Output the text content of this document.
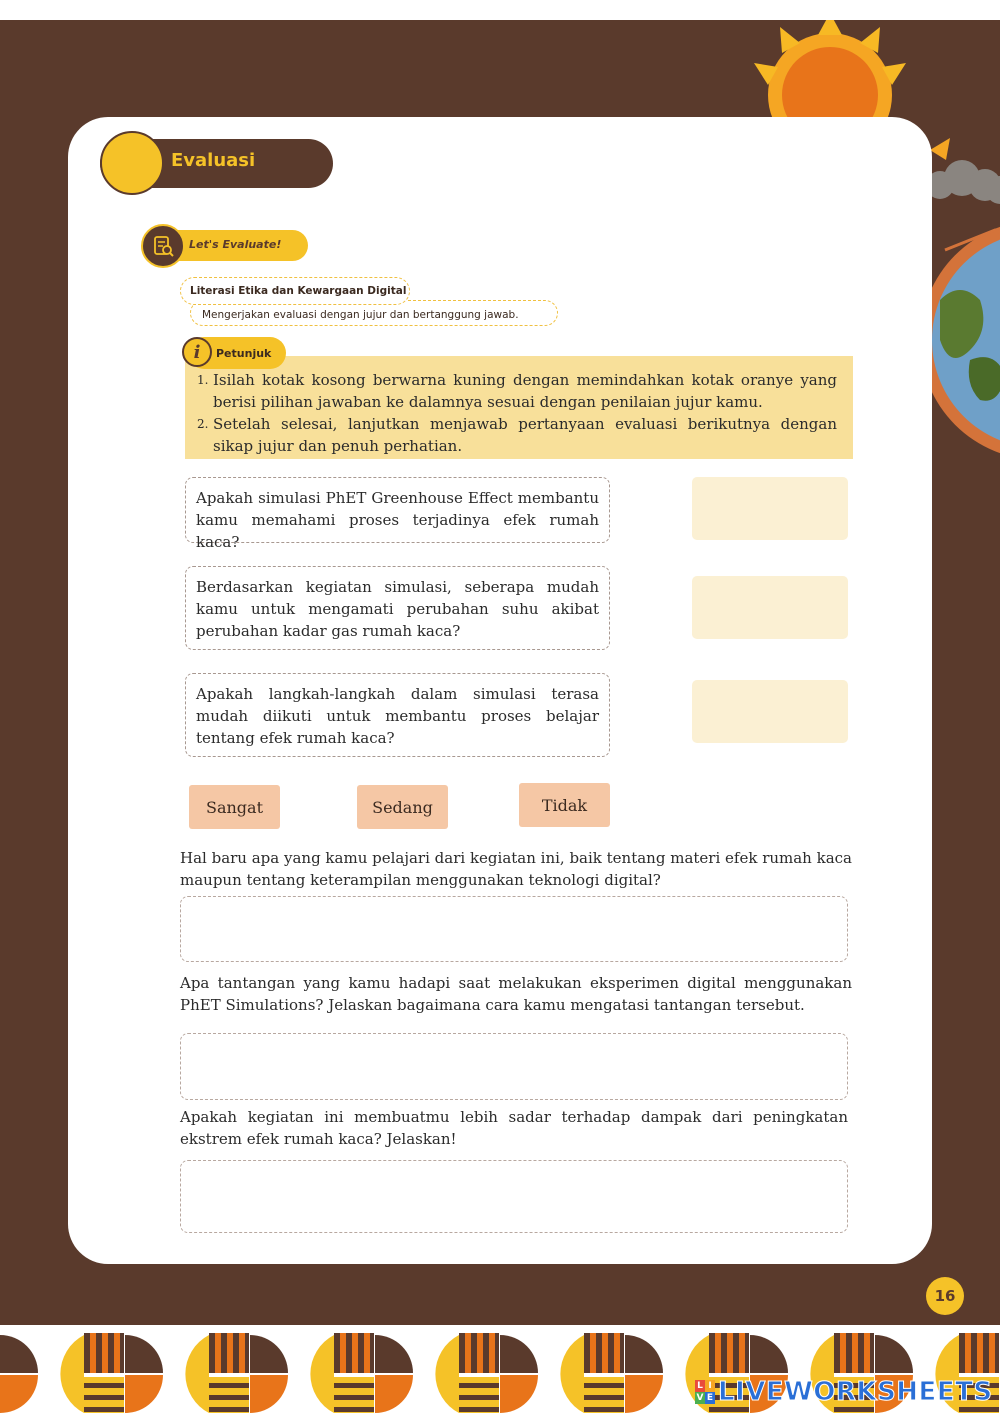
Evaluasi
Let's Evaluate!
Literasi Etika dan Kewargaan Digital
Mengerjakan evaluasi dengan jujur dan bertanggung jawab.
i	Petunjuk
1. Isilah kotak kosong berwarna kuning dengan memindahkan kotak oranye yang berisi pilihan jawaban ke dalamnya sesuai dengan penilaian jujur kamu.
2. Setelah selesai, lanjutkan menjawab pertanyaan evaluasi berikutnya dengan sikap jujur dan penuh perhatian.
Apakah simulasi PhET Greenhouse Effect membantu kamu memahami proses terjadinya efek rumah kaca?
Berdasarkan kegiatan simulasi, seberapa mudah kamu untuk mengamati perubahan suhu akibat perubahan kadar gas rumah kaca?
Apakah langkah-langkah dalam simulasi terasa mudah diikuti untuk membantu proses belajar tentang efek rumah kaca?
Sangat	Sedang	Tidak
Hal baru apa yang kamu pelajari dari kegiatan ini, baik tentang materi efek rumah kaca maupun tentang keterampilan menggunakan teknologi digital?
Apa tantangan yang kamu hadapi saat melakukan eksperimen digital menggunakan PhET Simulations? Jelaskan bagaimana cara kamu mengatasi tantangan tersebut.
Apakah kegiatan ini membuatmu lebih sadar terhadap dampak dari peningkatan ekstrem efek rumah kaca? Jelaskan!
16
L I
V E LIVEWORKSHEETS
